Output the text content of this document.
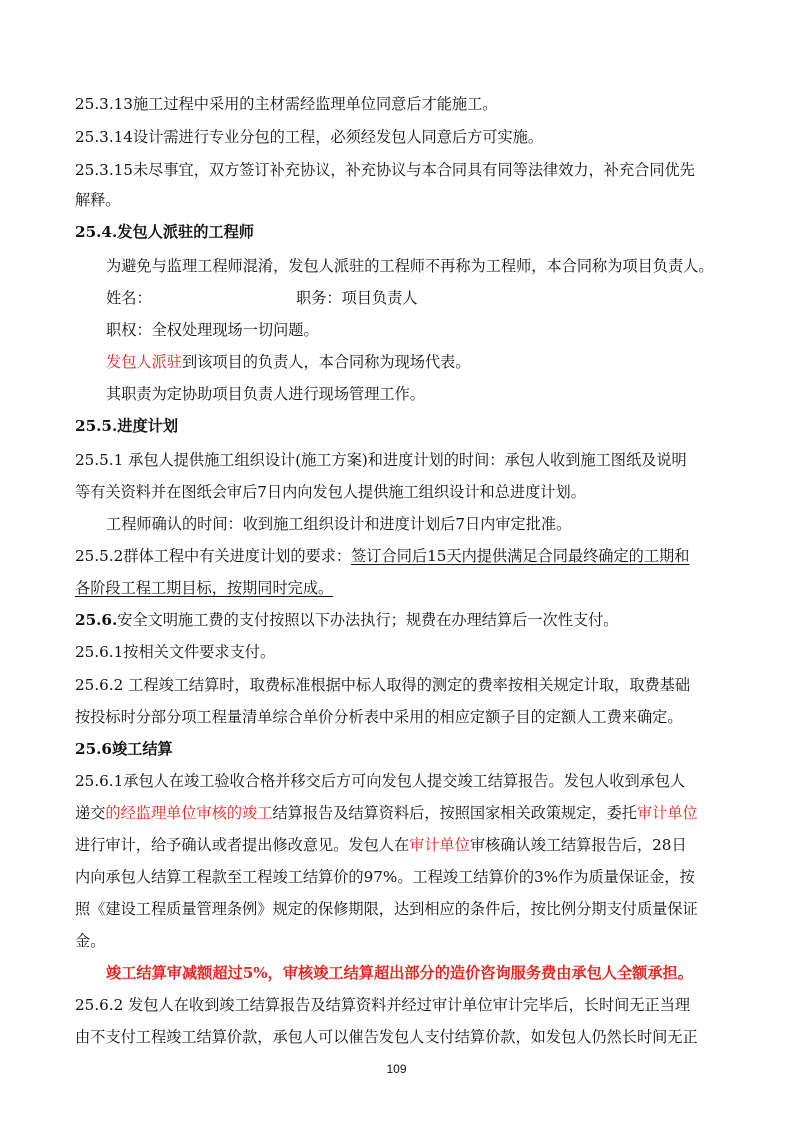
25.3.13施工过程中采用的主材需经监理单位同意后才能施工。
25.3.14设计需进行专业分包的工程，必须经发包人同意后方可实施。
25.3.15未尽事宜，双方签订补充协议，补充协议与本合同具有同等法律效力，补充合同优先
解释。
25.4.发包人派驻的工程师
为避免与监理工程师混淆，发包人派驻的工程师不再称为工程师，本合同称为项目负责人。
姓名：	职务：项目负责人
职权：全权处理现场一切问题。
发包人派驻到该项目的负责人，本合同称为现场代表。
其职责为定协助项目负责人进行现场管理工作。
25.5.进度计划
25.5.1 承包人提供施工组织设计(施工方案)和进度计划的时间：承包人收到施工图纸及说明
等有关资料并在图纸会审后7日内向发包人提供施工组织设计和总进度计划。
工程师确认的时间：收到施工组织设计和进度计划后7日内审定批准。
25.5.2群体工程中有关进度计划的要求：签订合同后15天内提供满足合同最终确定的工期和
各阶段工程工期目标，按期同时完成。
25.6.安全文明施工费的支付按照以下办法执行；规费在办理结算后一次性支付。
25.6.1按相关文件要求支付。
25.6.2 工程竣工结算时，取费标准根据中标人取得的测定的费率按相关规定计取，取费基础
按投标时分部分项工程量清单综合单价分析表中采用的相应定额子目的定额人工费来确定。
25.6竣工结算
25.6.1承包人在竣工验收合格并移交后方可向发包人提交竣工结算报告。发包人收到承包人
递交的经监理单位审核的竣工结算报告及结算资料后，按照国家相关政策规定，委托审计单位
进行审计，给予确认或者提出修改意见。发包人在审计单位审核确认竣工结算报告后，28日
内向承包人结算工程款至工程竣工结算价的97%。工程竣工结算价的3%作为质量保证金，按
照《建设工程质量管理条例》规定的保修期限，达到相应的条件后，按比例分期支付质量保证
金。
竣工结算审减额超过5%，审核竣工结算超出部分的造价咨询服务费由承包人全额承担。
25.6.2 发包人在收到竣工结算报告及结算资料并经过审计单位审计完毕后，长时间无正当理
由不支付工程竣工结算价款，承包人可以催告发包人支付结算价款，如发包人仍然长时间无正
109
